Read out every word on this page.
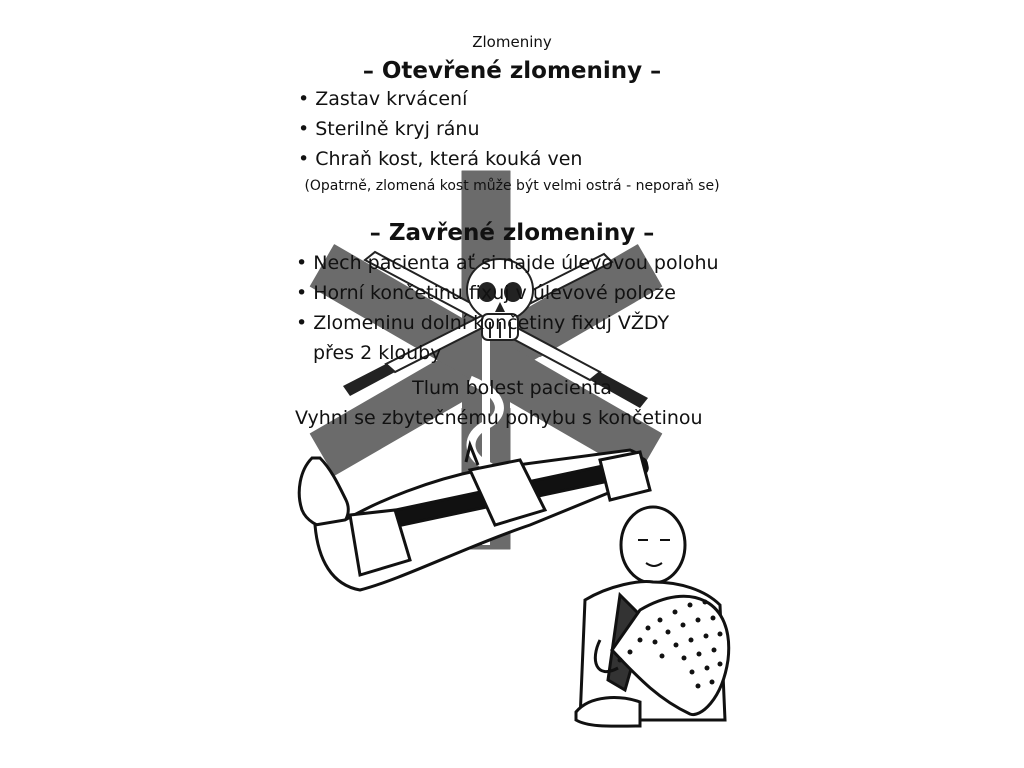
Zlomeniny
– Otevřené zlomeniny –
• Zastav krvácení
• Sterilně kryj ránu
• Chraň kost, která kouká ven
(Opatrně, zlomená kost může být velmi ostrá - neporaň se)
– Zavřené zlomeniny –
• Nech pacienta ať si najde úlevovou polohu
• Horní končetinu fixuj v úlevové poloze
• Zlomeninu dolní končetiny fixuj VŽDY
přes 2 klouby
Tlum bolest pacienta
Vyhni se zbytečnému pohybu s končetinou
